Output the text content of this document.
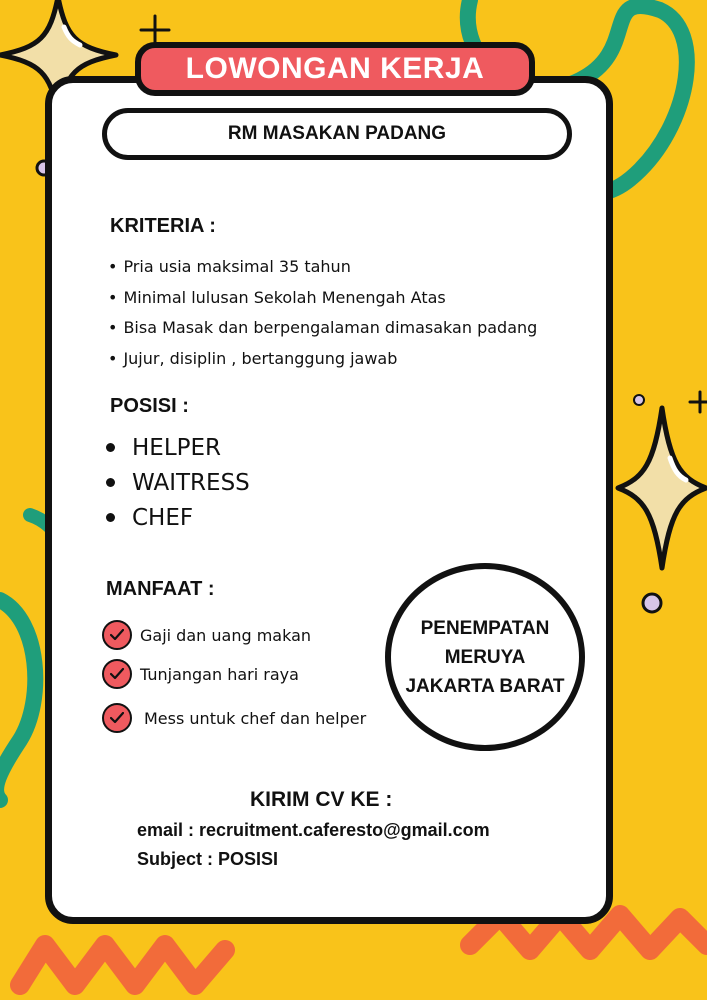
LOWONGAN KERJA
RM MASAKAN PADANG
KRITERIA :
• Pria usia maksimal 35 tahun
• Minimal lulusan Sekolah Menengah Atas
• Bisa Masak dan berpengalaman dimasakan padang
• Jujur, disiplin , bertanggung jawab
POSISI :
HELPER
WAITRESS
CHEF
MANFAAT :
Gaji dan uang makan
Tunjangan hari raya
Mess untuk chef dan helper
PENEMPATAN
MERUYA
JAKARTA BARAT
KIRIM CV KE :
email : recruitment.caferesto@gmail.com
Subject : POSISI
